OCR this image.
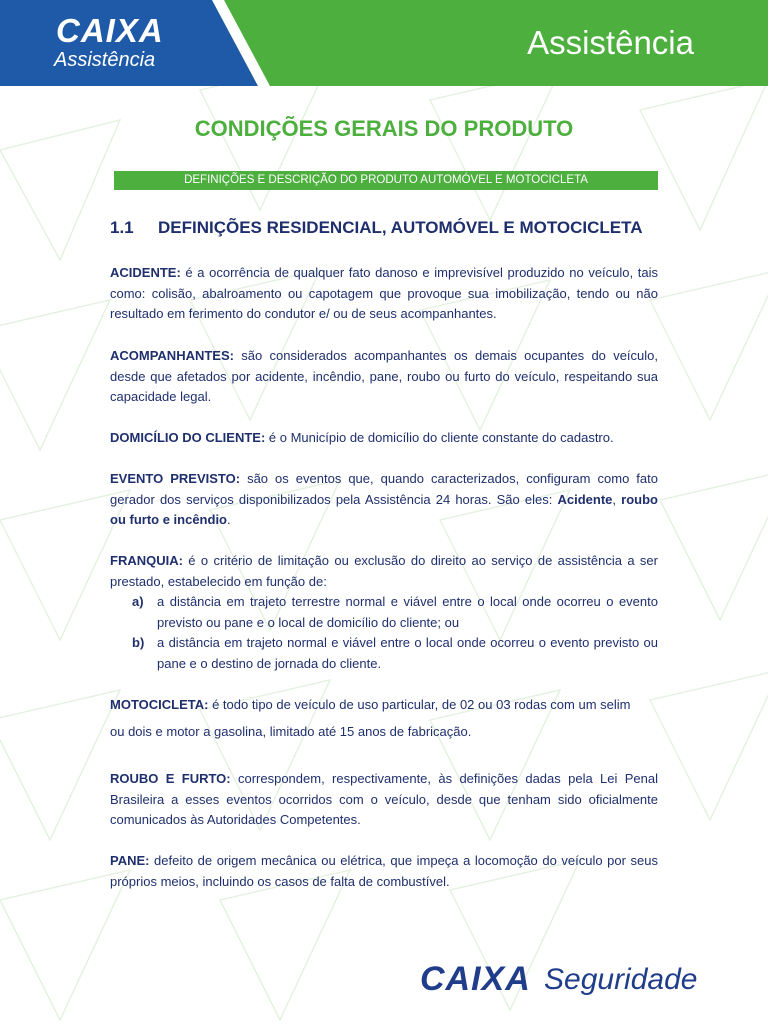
CAIXA
Assistência	Assistência
CONDIÇÕES GERAIS DO PRODUTO
DEFINIÇÕES E DESCRIÇÃO DO PRODUTO AUTOMÓVEL E MOTOCICLETA
1.1 DEFINIÇÕES RESIDENCIAL, AUTOMÓVEL E MOTOCICLETA
ACIDENTE: é a ocorrência de qualquer fato danoso e imprevisível produzido no veículo, tais como: colisão, abalroamento ou capotagem que provoque sua imobilização, tendo ou não resultado em ferimento do condutor e/ ou de seus acompanhantes.
ACOMPANHANTES: são considerados acompanhantes os demais ocupantes do veículo, desde que afetados por acidente, incêndio, pane, roubo ou furto do veículo, respeitando sua capacidade legal.
DOMICÍLIO DO CLIENTE: é o Município de domicílio do cliente constante do cadastro.
EVENTO PREVISTO: são os eventos que, quando caracterizados, configuram como fato gerador dos serviços disponibilizados pela Assistência 24 horas. São eles: Acidente, roubo ou furto e incêndio.
FRANQUIA: é o critério de limitação ou exclusão do direito ao serviço de assistência a ser prestado, estabelecido em função de:
a) a distância em trajeto terrestre normal e viável entre o local onde ocorreu o evento previsto ou pane e o local de domicílio do cliente; ou
b) a distância em trajeto normal e viável entre o local onde ocorreu o evento previsto ou pane e o destino de jornada do cliente.
MOTOCICLETA: é todo tipo de veículo de uso particular, de 02 ou 03 rodas com um selim
ou dois e motor a gasolina, limitado até 15 anos de fabricação.
ROUBO E FURTO: correspondem, respectivamente, às definições dadas pela Lei Penal Brasileira a esses eventos ocorridos com o veículo, desde que tenham sido oficialmente comunicados às Autoridades Competentes.
PANE: defeito de origem mecânica ou elétrica, que impeça a locomoção do veículo por seus próprios meios, incluindo os casos de falta de combustível.
CAIXA Seguridade
